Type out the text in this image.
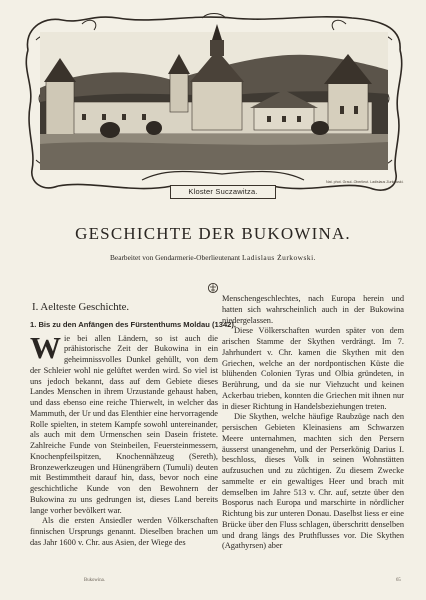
Kloster Suczawitza.
Nat. phot. Graul.-Oberlieut. Ladislaus Zurkowski.
GESCHICHTE DER BUKOWINA.
Bearbeitet von Gendarmerie-Oberlieutenant Ladislaus Żurkowski.
I. Aelteste Geschichte.
1. Bis zu den Anfängen des Fürstenthums Moldau (1342).

Wie bei allen Ländern, so ist auch die prähistorische Zeit der Bukowina in ein geheimnissvolles Dunkel gehüllt, von dem der Schleier wohl nie gelüftet werden wird. So viel ist uns jedoch bekannt, dass auf dem Gebiete dieses Landes Menschen in ihrem Urzustande gehaust haben, und dass ebenso eine reiche Thierwelt, in welcher das Mammuth, der Ur und das Elenthier eine hervorragende Rolle spielten, in stetem Kampfe sowohl untereinander, als auch mit dem Urmenschen sein Dasein fristete. Zahlreiche Funde von Steinbeilen, Feuersteinmessern, Knochenpfeilspitzen, Knochennähzeug (Sereth), Bronzewerkzeugen und Hünengräbern (Tumuli) deuten mit Bestimmtheit darauf hin, dass, bevor noch eine geschichtliche Kunde von den Bewohnern der Bukowina zu uns gedrungen ist, dieses Land bereits lange vorher bevölkert war.

Als die ersten Ansiedler werden Völkerschaften finnischen Ursprungs genannt. Dieselben brachen um das Jahr 1600 v. Chr. aus Asien, der Wiege des

Menschengeschlechtes, nach Europa herein und hatten sich wahrscheinlich auch in der Bukowina niedergelassen.

Diese Völkerschaften wurden später von dem arischen Stamme der Skythen verdrängt. Im 7. Jahrhundert v. Chr. kamen die Skythen mit den Griechen, welche an der nordpontischen Küste die blühenden Colonien Tyras und Olbia gründeten, in Berührung, und da sie nur Viehzucht und keinen Ackerbau trieben, konnten die Griechen mit ihnen nur in dieser Richtung in Handelsbeziehungen treten.

Die Skythen, welche häufige Raubzüge nach den persischen Gebieten Kleinasiens am Schwarzen Meere unternahmen, machten sich den Persern äusserst unangenehm, und der Perserkönig Darius I. beschloss, dieses Volk in seinen Wohnstätten aufzusuchen und zu züchtigen. Zu diesem Zwecke sammelte er ein gewaltiges Heer und brach mit demselben im Jahre 513 v. Chr. auf, setzte über den Bosporus nach Europa und marschirte in nördlicher Richtung bis zur unteren Donau. Daselbst liess er eine Brücke über den Fluss schlagen, überschritt denselben und drang längs des Pruthflusses vor. Die Skythen (Agathyrsen) aber

Bukowina.	65
